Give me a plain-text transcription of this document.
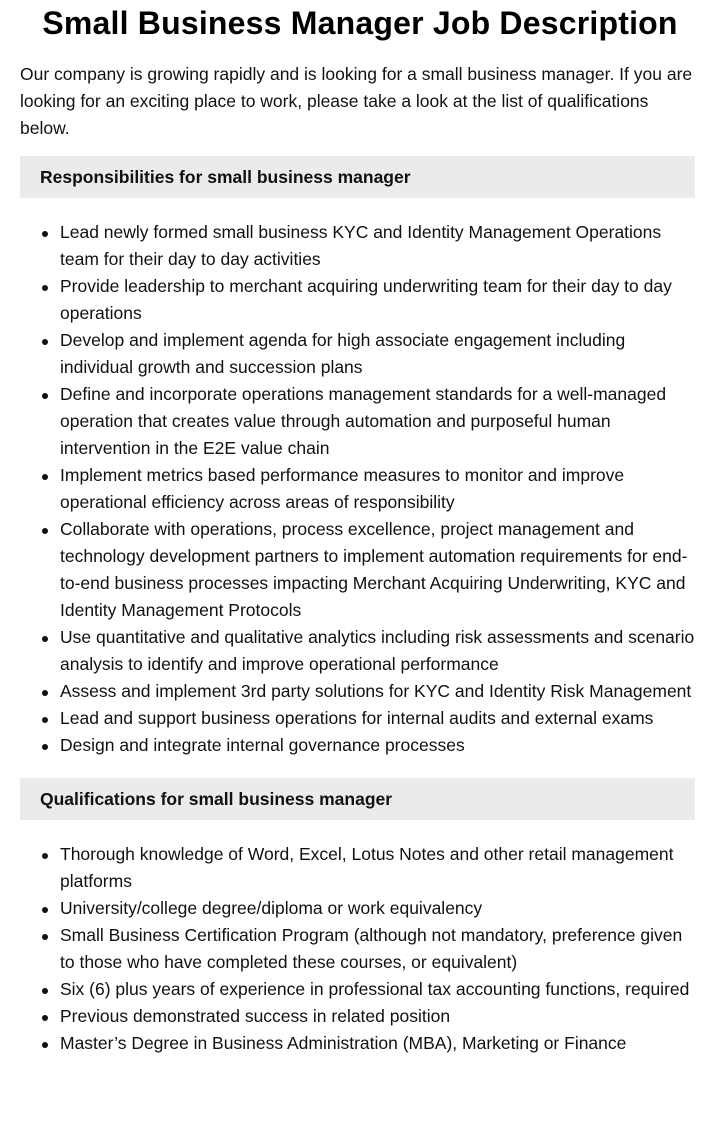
Small Business Manager Job Description

Our company is growing rapidly and is looking for a small business manager. If you are looking for an exciting place to work, please take a look at the list of qualifications below.

Responsibilities for small business manager
Lead newly formed small business KYC and Identity Management Operations team for their day to day activities
Provide leadership to merchant acquiring underwriting team for their day to day operations
Develop and implement agenda for high associate engagement including individual growth and succession plans
Define and incorporate operations management standards for a well-managed operation that creates value through automation and purposeful human intervention in the E2E value chain
Implement metrics based performance measures to monitor and improve operational efficiency across areas of responsibility
Collaborate with operations, process excellence, project management and technology development partners to implement automation requirements for end-to-end business processes impacting Merchant Acquiring Underwriting, KYC and Identity Management Protocols
Use quantitative and qualitative analytics including risk assessments and scenario analysis to identify and improve operational performance
Assess and implement 3rd party solutions for KYC and Identity Risk Management
Lead and support business operations for internal audits and external exams
Design and integrate internal governance processes
Qualifications for small business manager
Thorough knowledge of Word, Excel, Lotus Notes and other retail management platforms
University/college degree/diploma or work equivalency
Small Business Certification Program (although not mandatory, preference given to those who have completed these courses, or equivalent)
Six (6) plus years of experience in professional tax accounting functions, required
Previous demonstrated success in related position
Master’s Degree in Business Administration (MBA), Marketing or Finance
